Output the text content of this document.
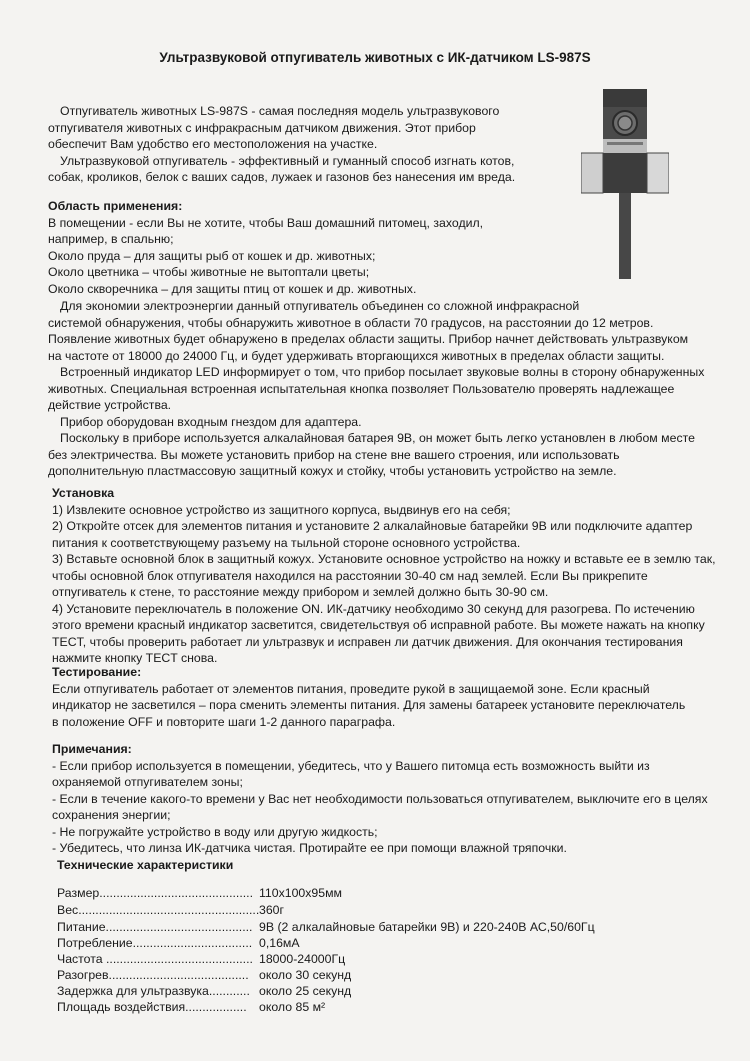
Ультразвуковой отпугиватель животных с ИК-датчиком LS-987S

Отпугиватель животных LS-987S - самая последняя модель ультразвукового

отпугивателя животных с инфракрасным датчиком движения. Этот прибор

обеспечит Вам удобство его местоположения на участке.

Ультразвуковой отпугиватель - эффективный и гуманный способ изгнать котов,

собак, кроликов, белок с ваших садов, лужаек и газонов без нанесения им вреда.

Область применения:

В помещении - если Вы не хотите, чтобы Ваш домашний питомец, заходил,

например, в спальню;

Около пруда – для защиты рыб от кошек и др. животных;

Около цветника – чтобы животные не вытоптали цветы;

Около скворечника – для защиты птиц от кошек и др. животных.

Для экономии электроэнергии данный отпугиватель объединен со сложной инфракрасной

системой обнаружения, чтобы обнаружить животное в области 70 градусов, на расстоянии до 12 метров.

Появление животных будет обнаружено в пределах области защиты. Прибор начнет действовать ультразвуком

на частоте от 18000 до 24000 Гц, и будет удерживать вторгающихся животных в пределах области защиты.

Встроенный индикатор LED информирует о том, что прибор посылает звуковые волны в сторону обнаруженных

животных. Специальная встроенная испытательная кнопка позволяет Пользователю проверять надлежащее

действие устройства.

Прибор оборудован входным гнездом для адаптера.

Поскольку в приборе используется алкалайновая батарея 9В, он может быть легко установлен в любом месте

без электричества. Вы можете установить прибор на стене вне вашего строения, или использовать

дополнительную пластмассовую защитный кожух и стойку, чтобы установить устройство на земле.

Установка

1) Извлеките основное устройство из защитного корпуса, выдвинув его на себя;

2) Откройте отсек для элементов питания и установите 2 алкалайновые батарейки 9В или подключите адаптер

питания к соответствующему разъему на тыльной стороне основного устройства.

3) Вставьте основной блок в защитный кожух. Установите основное устройство на ножку и вставьте ее в землю так,

чтобы основной блок отпугивателя находился на расстоянии 30-40 см над землей. Если Вы прикрепите

отпугиватель к стене, то расстояние между прибором и землей должно быть 30-90 см.

4) Установите переключатель в положение ON. ИК-датчику необходимо 30 секунд для разогрева. По истечению

этого времени красный индикатор засветится, свидетельствуя об исправной работе. Вы можете нажать на кнопку

TECT, чтобы проверить работает ли ультразвук и исправен ли датчик движения. Для окончания тестирования

нажмите кнопку TECT снова.

Тестирование:

Если отпугиватель работает от элементов питания, проведите рукой в защищаемой зоне. Если красный

индикатор не засветился – пора сменить элементы питания. Для замены батареек установите переключатель

в положение OFF и повторите шаги 1-2 данного параграфа.

Примечания:

- Если прибор используется в помещении, убедитесь, что у Вашего питомца есть возможность выйти из

охраняемой отпугивателем зоны;

- Если в течение какого-то времени у Вас нет необходимости пользоваться отпугивателем, выключите его в целях

сохранения энергии;

- Не погружайте устройство в воду или другую жидкость;

- Убедитесь, что линза ИК-датчика чистая. Протирайте ее при помощи влажной тряпочки.

Технические характеристики

Размер............................................. 110x100x95мм
Вес..................................................... 360г
Питание........................................... 9В (2 алкалайновые батарейки 9В) и 220-240В АС,50/60Гц
Потребление................................... 0,16мА
Частота ........................................... 18000-24000Гц
Разогрев......................................... около 30 секунд
Задержка для ультразвука............ около 25 секунд
Площадь воздействия.................. около 85 м²
